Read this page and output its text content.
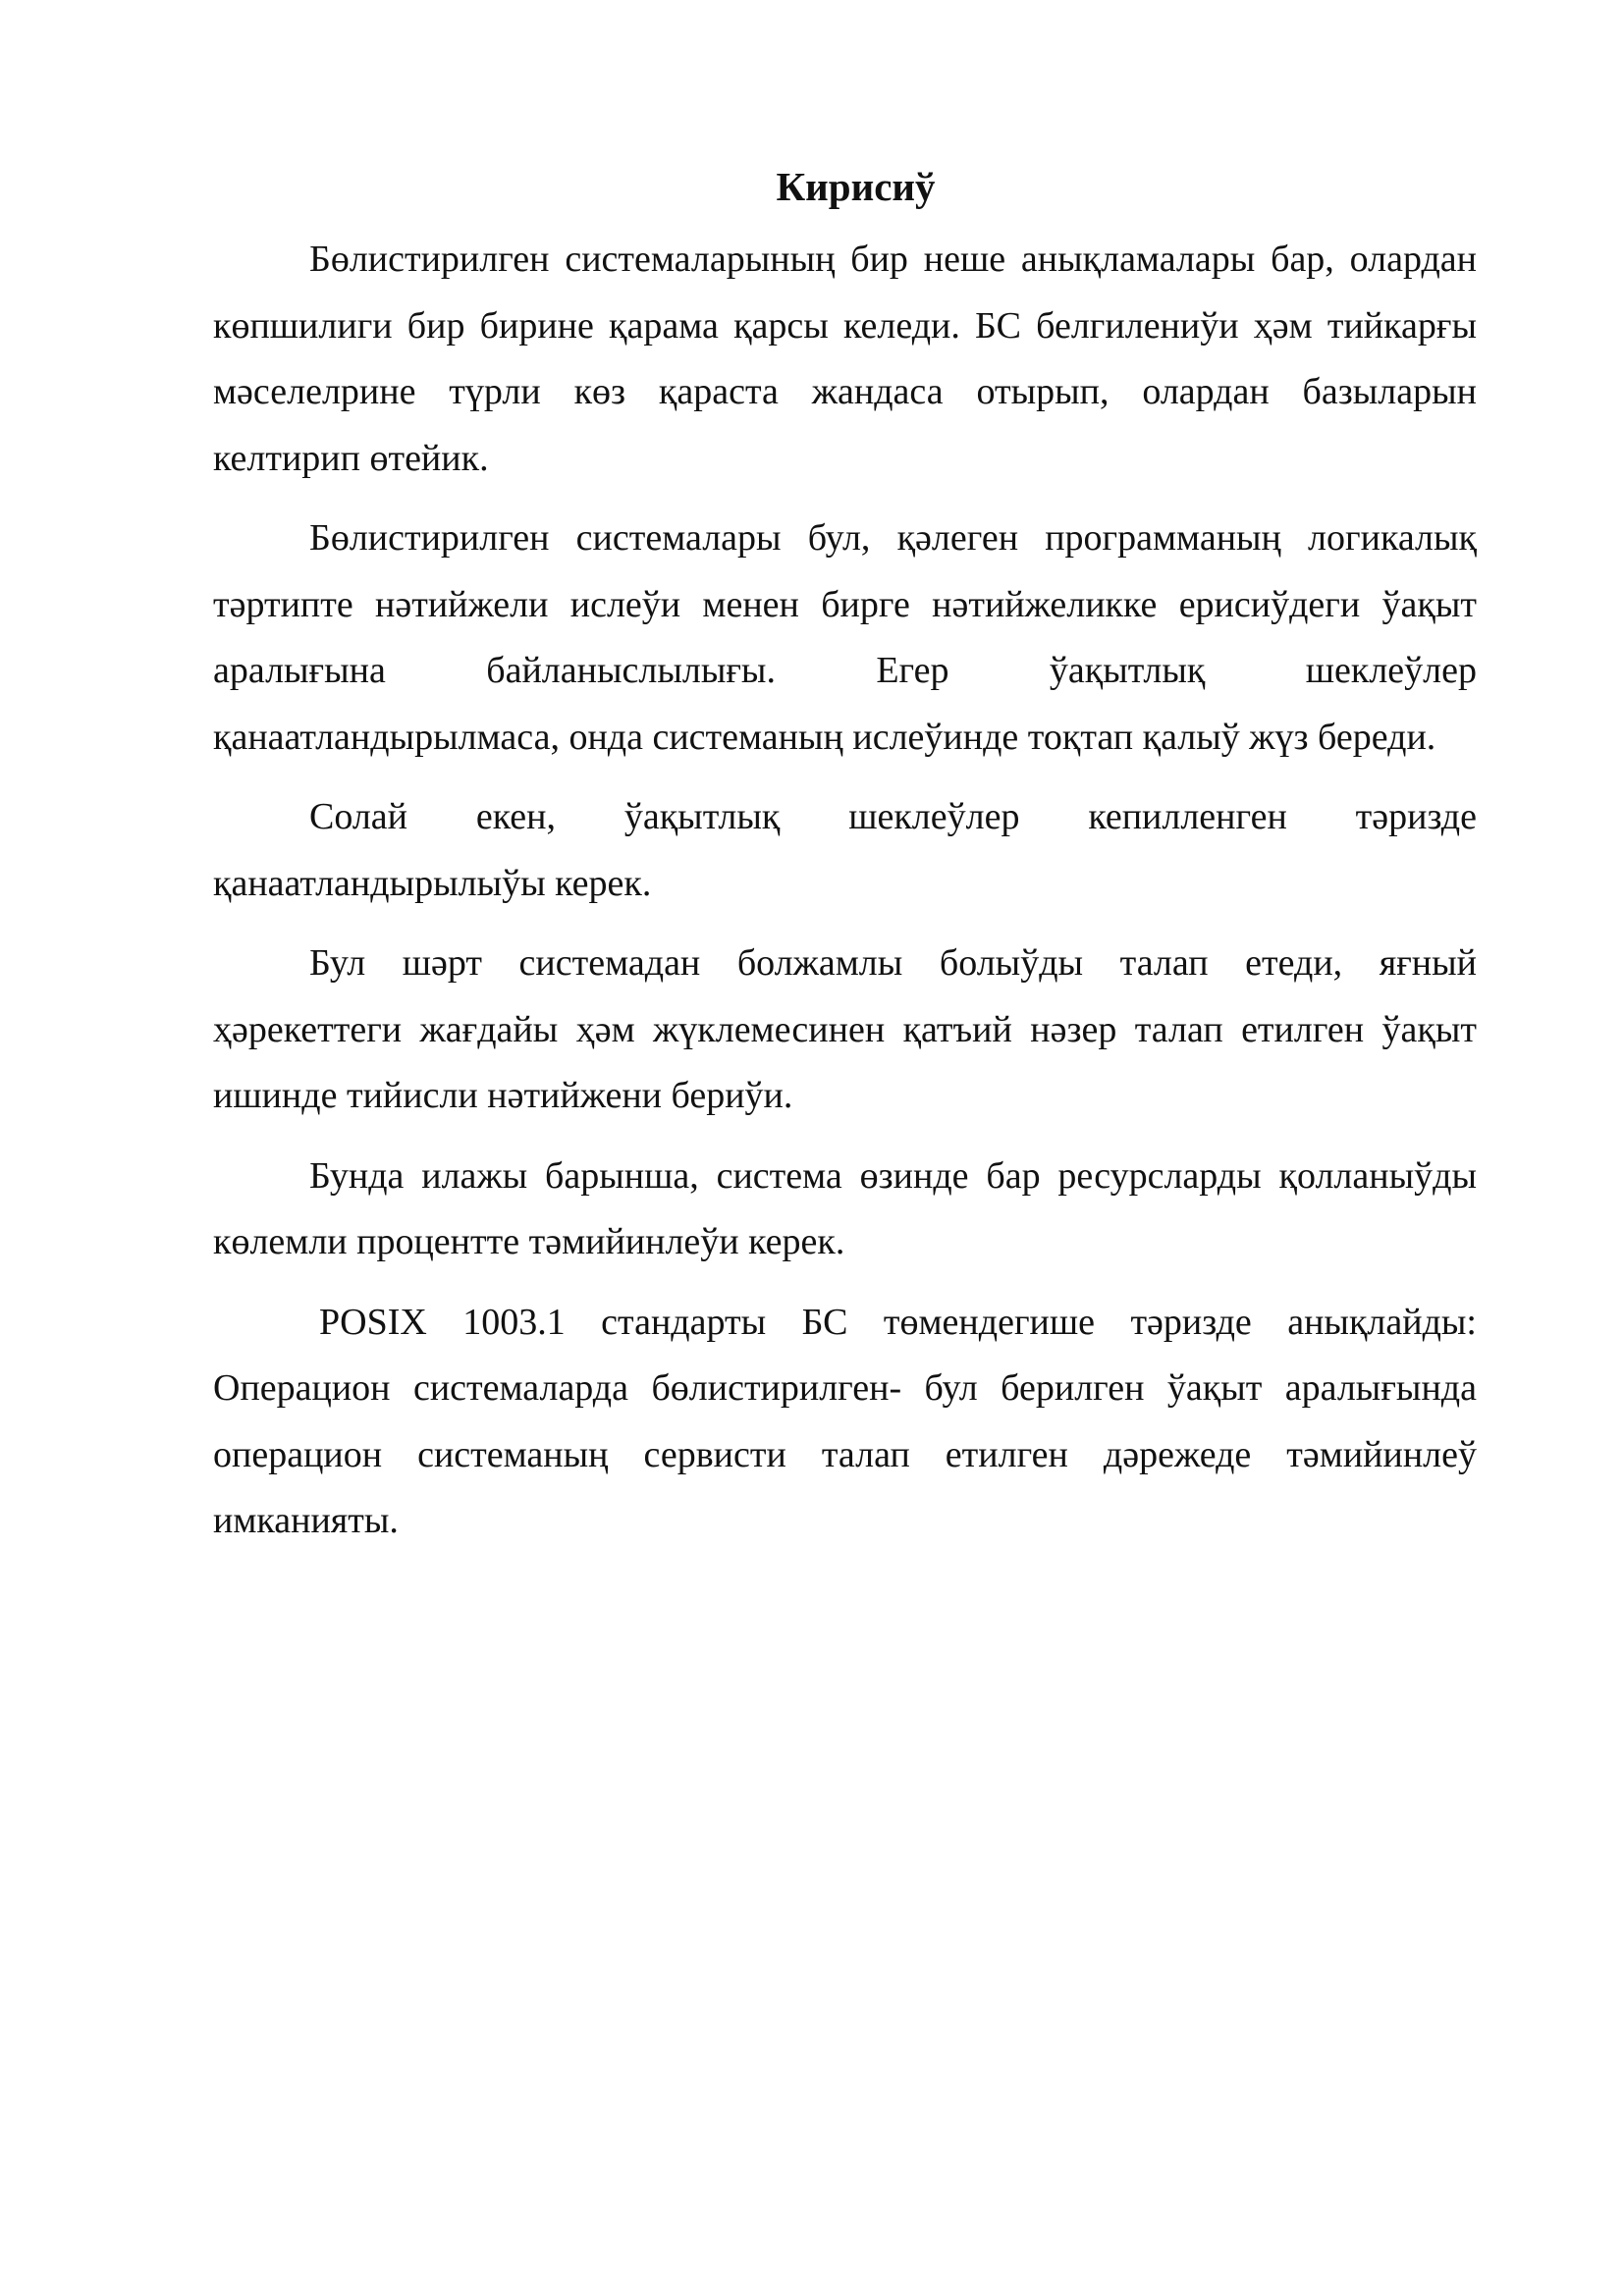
Кирисиў
Бөлистирилген системаларының бир неше анықламалары бар, олардан
көпшилиги бир бирине қарама қарсы келеди. БС белгилениўи ҳәм тийкарғы
мәселелрине түрли көз қараста жандаса отырып, олардан базыларын
келтирип өтейик.
Бөлистирилген системалары бул, қәлеген программаның логикалық
тәртипте нәтийжели ислеўи менен бирге нәтийжеликке ерисиўдеги ўақыт
аралығына байланыслылығы. Егер ўақытлық шеклеўлер
қанаатландырылмаса, онда системаның ислеўинде тоқтап қалыў жүз береди.
Солай екен, ўақытлық шеклеўлер кепилленген тәризде
қанаатландырылыўы керек.
Бул шәрт системадан болжамлы болыўды талап етеди, яғный
ҳәрекеттеги жағдайы ҳәм жүклемесинен қатъий нәзер талап етилген ўақыт
ишинде тийисли нәтийжени бериўи.
Бунда илажы барынша, система өзинде бар ресурсларды қолланыўды
көлемли процентте тәмийинлеўи керек.
POSIX 1003.1 стандарты БС төмендегише тәризде анықлайды:
Операцион системаларда бөлистирилген- бул берилген ўақыт аралығында
операцион системаның сервисти талап етилген дәрежеде тәмийинлеў
имканияты.
